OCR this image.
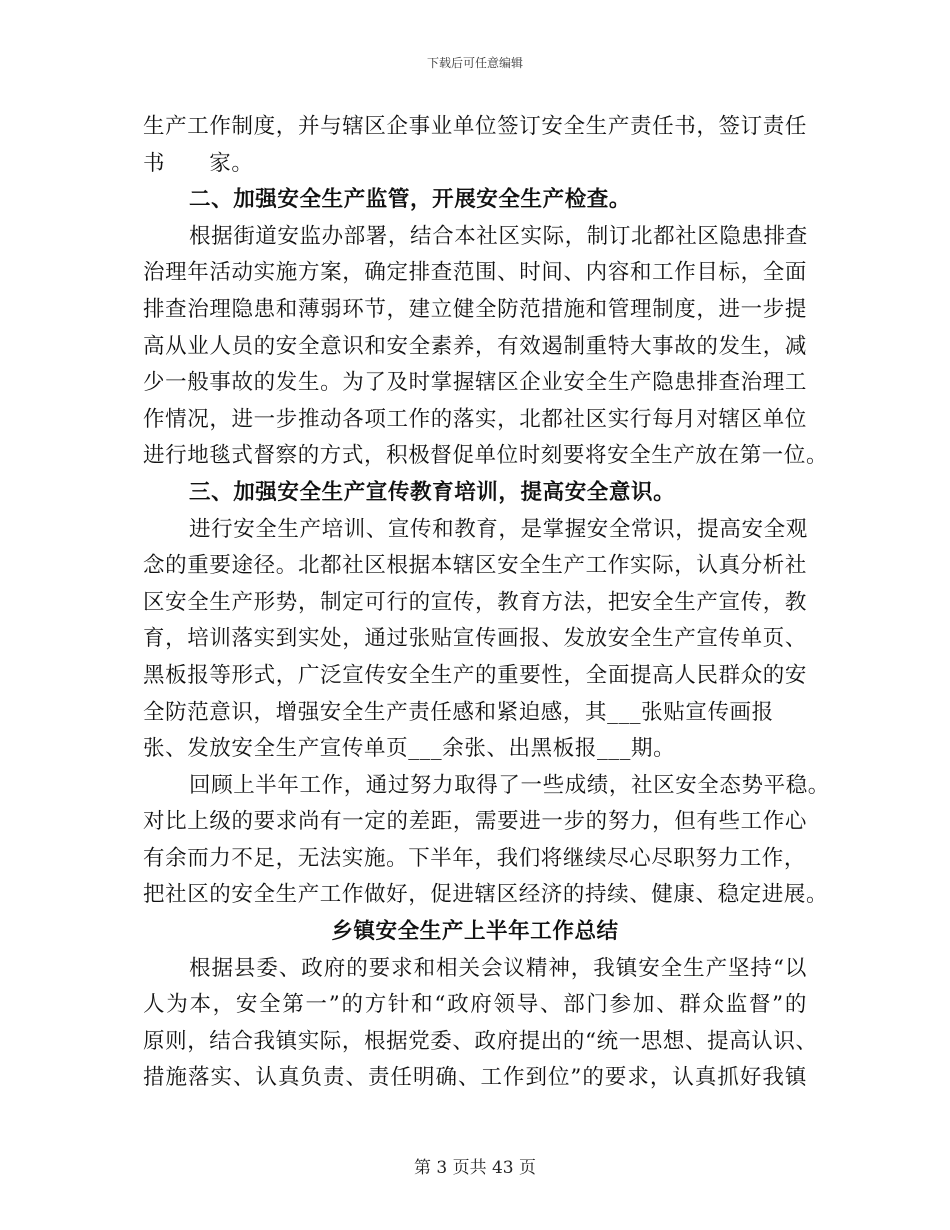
下载后可任意编辑
生产工作制度，并与辖区企事业单位签订安全生产责任书，签订责任
书　　家。
二、加强安全生产监管，开展安全生产检查。
根据街道安监办部署，结合本社区实际，制订北都社区隐患排查
治理年活动实施方案，确定排查范围、时间、内容和工作目标，全面
排查治理隐患和薄弱环节，建立健全防范措施和管理制度，进一步提
高从业人员的安全意识和安全素养，有效遏制重特大事故的发生，减
少一般事故的发生。为了及时掌握辖区企业安全生产隐患排查治理工
作情况，进一步推动各项工作的落实，北都社区实行每月对辖区单位
进行地毯式督察的方式，积极督促单位时刻要将安全生产放在第一位。
三、加强安全生产宣传教育培训，提高安全意识。
进行安全生产培训、宣传和教育，是掌握安全常识，提高安全观
念的重要途径。北都社区根据本辖区安全生产工作实际，认真分析社
区安全生产形势，制定可行的宣传，教育方法，把安全生产宣传，教
育，培训落实到实处，通过张贴宣传画报、发放安全生产宣传单页、
黑板报等形式，广泛宣传安全生产的重要性，全面提高人民群众的安
全防范意识，增强安全生产责任感和紧迫感，其___张贴宣传画报
张、发放安全生产宣传单页___余张、出黑板报___期。
回顾上半年工作，通过努力取得了一些成绩，社区安全态势平稳。
对比上级的要求尚有一定的差距，需要进一步的努力，但有些工作心
有余而力不足，无法实施。下半年，我们将继续尽心尽职努力工作，
把社区的安全生产工作做好，促进辖区经济的持续、健康、稳定进展。
乡镇安全生产上半年工作总结
根据县委、政府的要求和相关会议精神，我镇安全生产坚持“以
人为本，安全第一”的方针和“政府领导、部门参加、群众监督”的
原则，结合我镇实际，根据党委、政府提出的“统一思想、提高认识、
措施落实、认真负责、责任明确、工作到位”的要求，认真抓好我镇
第 3 页共 43 页
